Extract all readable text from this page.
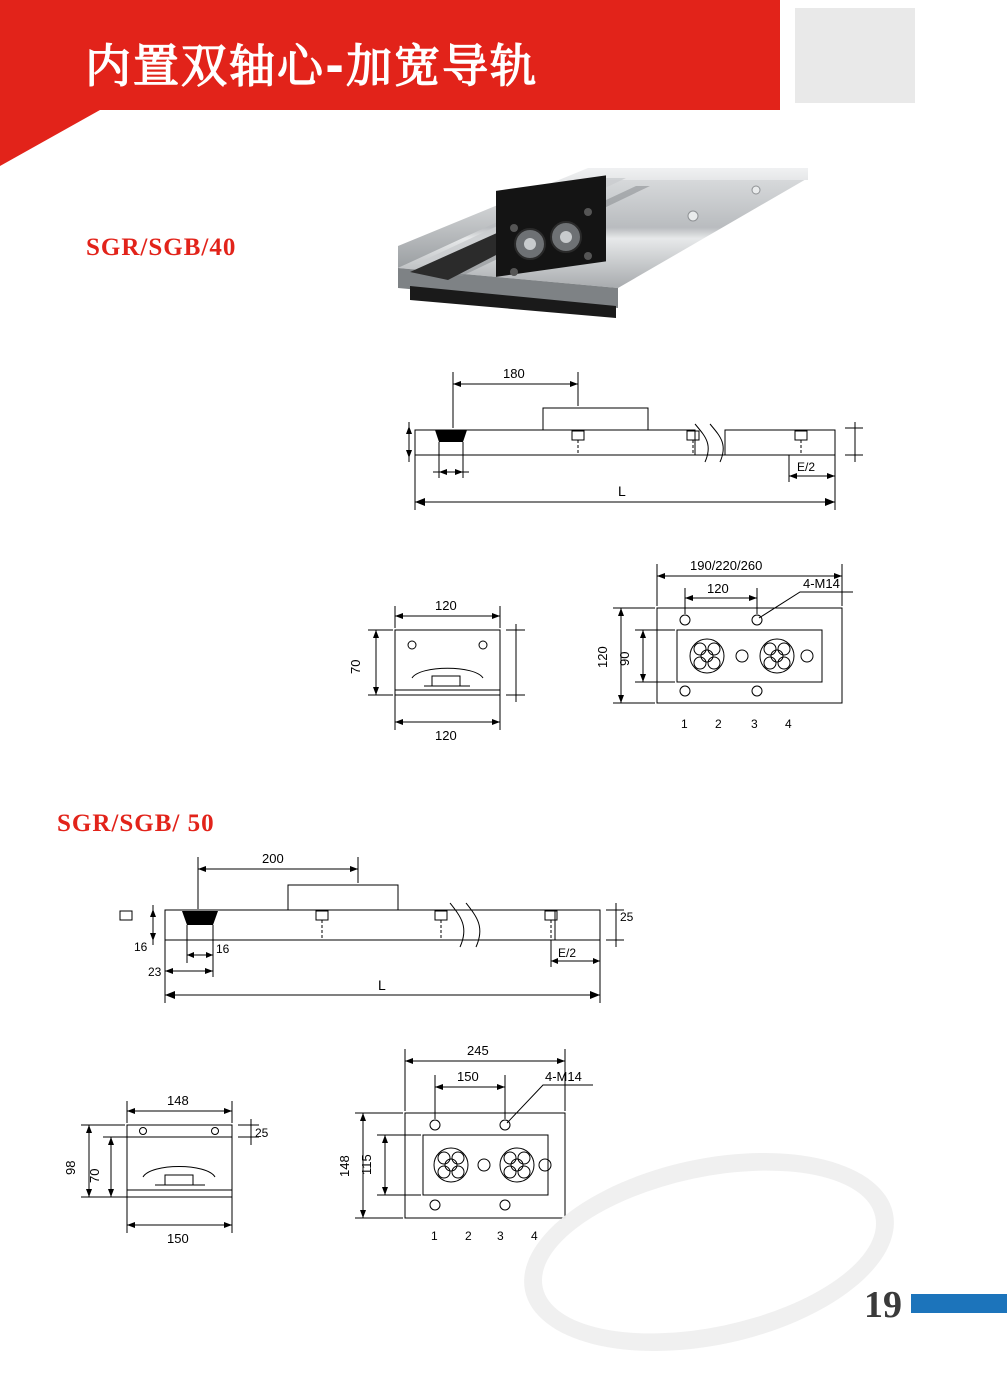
内置双轴心-加宽导轨
SGR/SGB/40
180
E/2
L
120
70
120
190/220/260
120	4-M14
120 90
1 2 3 4
SGR/SGB/ 50
200
16	16
23
25
E/2
L
148
98
70
25
150
245
150	4-M14
148 115
1 2 3 4
19
